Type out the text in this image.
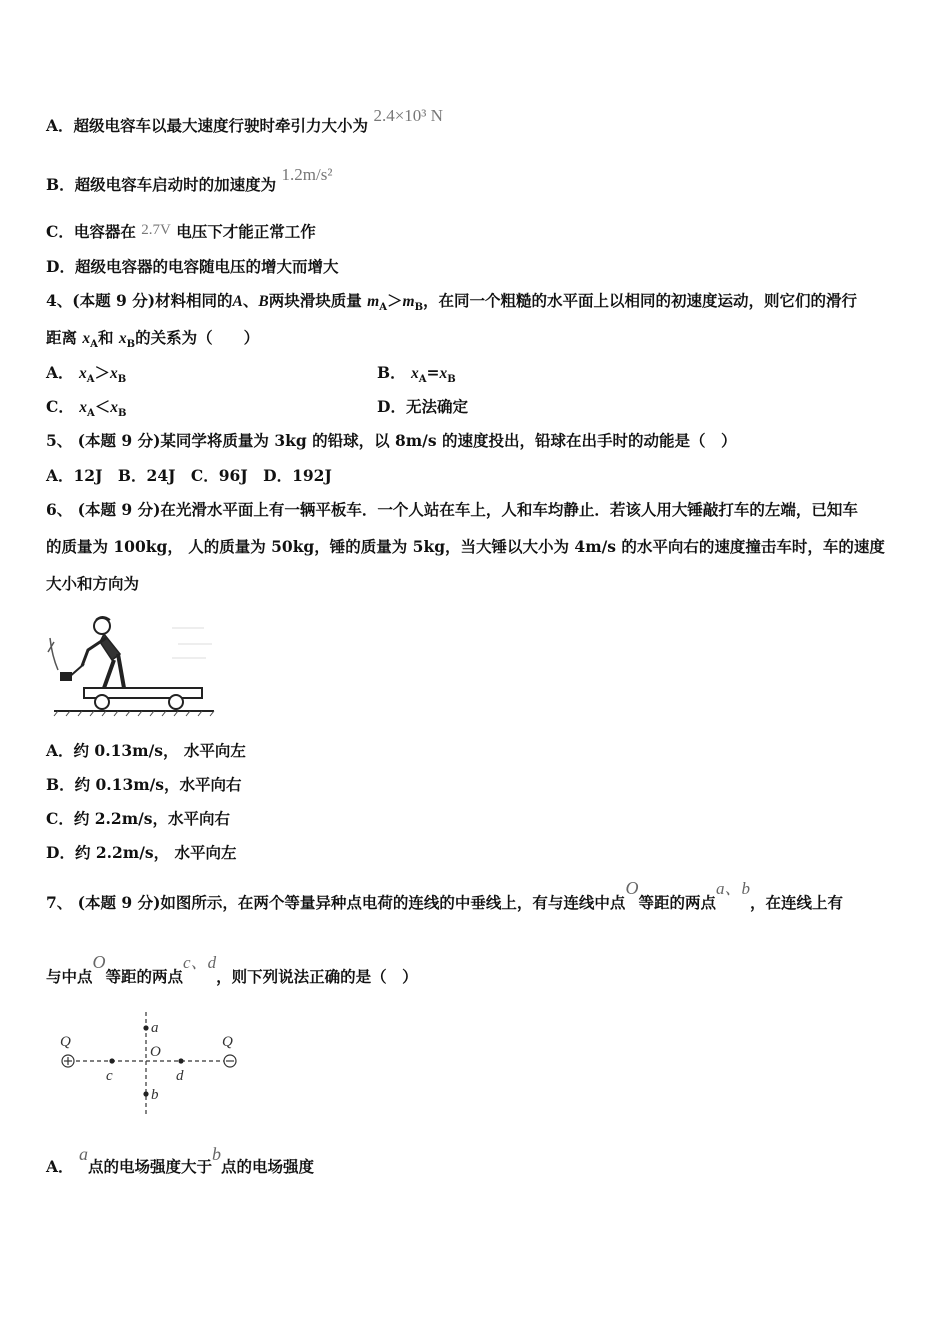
A．超级电容车以最大速度行驶时牵引力大小为 2.4×10³ N
B．超级电容车启动时的加速度为 1.2m/s²
C．电容器在 2.7V 电压下才能正常工作
D．超级电容器的电容随电压的增大而增大
4、(本题 9 分)材料相同的A、B两块滑块质量 $m_A>m_B$，在同一个粗糙的水平面上以相同的初速度运动，则它们的滑行
距离 $x_A$和 $x_B$的关系为（　　）
A． $x_A>x_B$	B． $x_A=x_B$
C． $x_A<x_B$	D．无法确定
5、 (本题 9 分)某同学将质量为 3kg 的铅球，以 8m/s 的速度投出，铅球在出手时的动能是（　）
A．12J　B．24J　C．96J　D．192J
6、 (本题 9 分)在光滑水平面上有一辆平板车．一个人站在车上，人和车均静止．若该人用大锤敲打车的左端，已知车
的质量为 100kg， 人的质量为 50kg，锤的质量为 5kg，当大锤以大小为 4m/s 的水平向右的速度撞击车时，车的速度
大小和方向为
A．约 0.13m/s， 水平向左
B．约 0.13m/s，水平向右
C．约 2.2m/s，水平向右
D．约 2.2m/s， 水平向左
7、 (本题 9 分)如图所示，在两个等量异种点电荷的连线的中垂线上，有与连线中点O等距的两点a、b，在连线上有
与中点O等距的两点c、d，则下列说法正确的是（　）
Q	Q
a
O
c	d
b
A． a点的电场强度大于b点的电场强度
